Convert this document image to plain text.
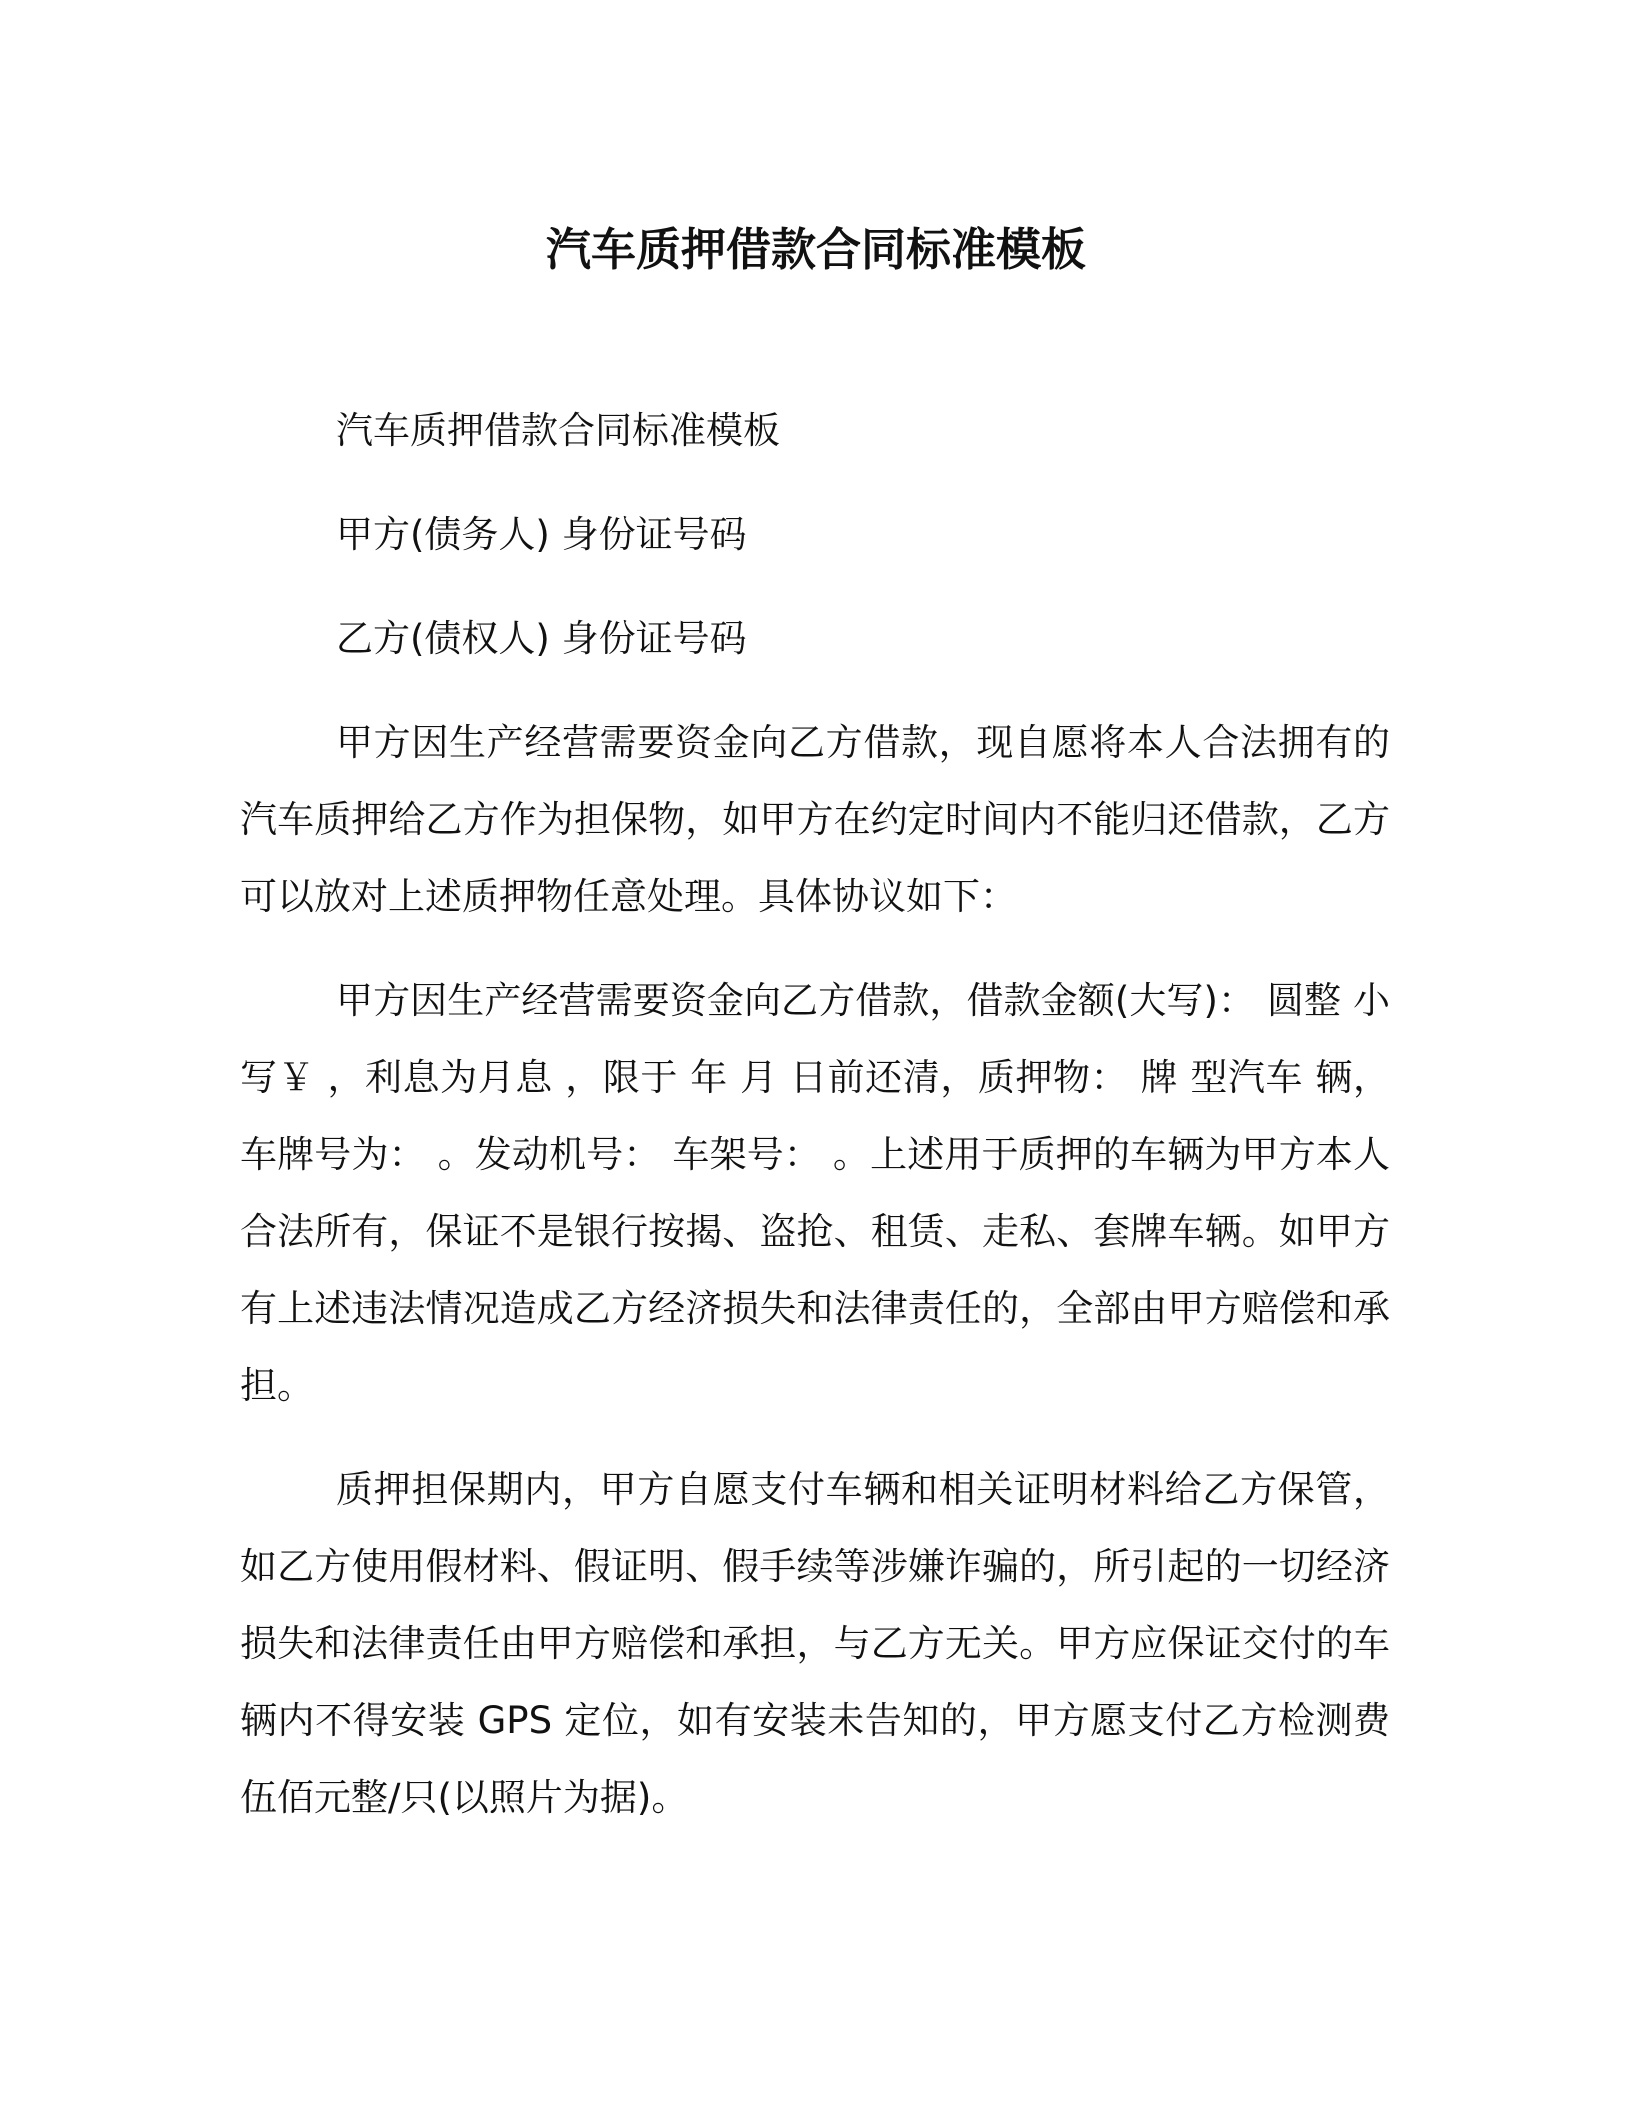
汽车质押借款合同标准模板

汽车质押借款合同标准模板

甲方(债务人) 身份证号码

乙方(债权人) 身份证号码

甲方因生产经营需要资金向乙方借款，现自愿将本人合法拥有的汽车质押给乙方作为担保物，如甲方在约定时间内不能归还借款，乙方可以放对上述质押物任意处理。具体协议如下：

甲方因生产经营需要资金向乙方借款，借款金额(大写)： 圆整 小写￥ ，利息为月息 ，限于 年 月 日前还清，质押物： 牌 型汽车 辆，车牌号为： 。发动机号： 车架号： 。上述用于质押的车辆为甲方本人合法所有，保证不是银行按揭、盗抢、租赁、走私、套牌车辆。如甲方有上述违法情况造成乙方经济损失和法律责任的，全部由甲方赔偿和承担。

质押担保期内，甲方自愿支付车辆和相关证明材料给乙方保管，如乙方使用假材料、假证明、假手续等涉嫌诈骗的，所引起的一切经济损失和法律责任由甲方赔偿和承担，与乙方无关。甲方应保证交付的车辆内不得安装 GPS 定位，如有安装未告知的，甲方愿支付乙方检测费伍佰元整/只(以照片为据)。
